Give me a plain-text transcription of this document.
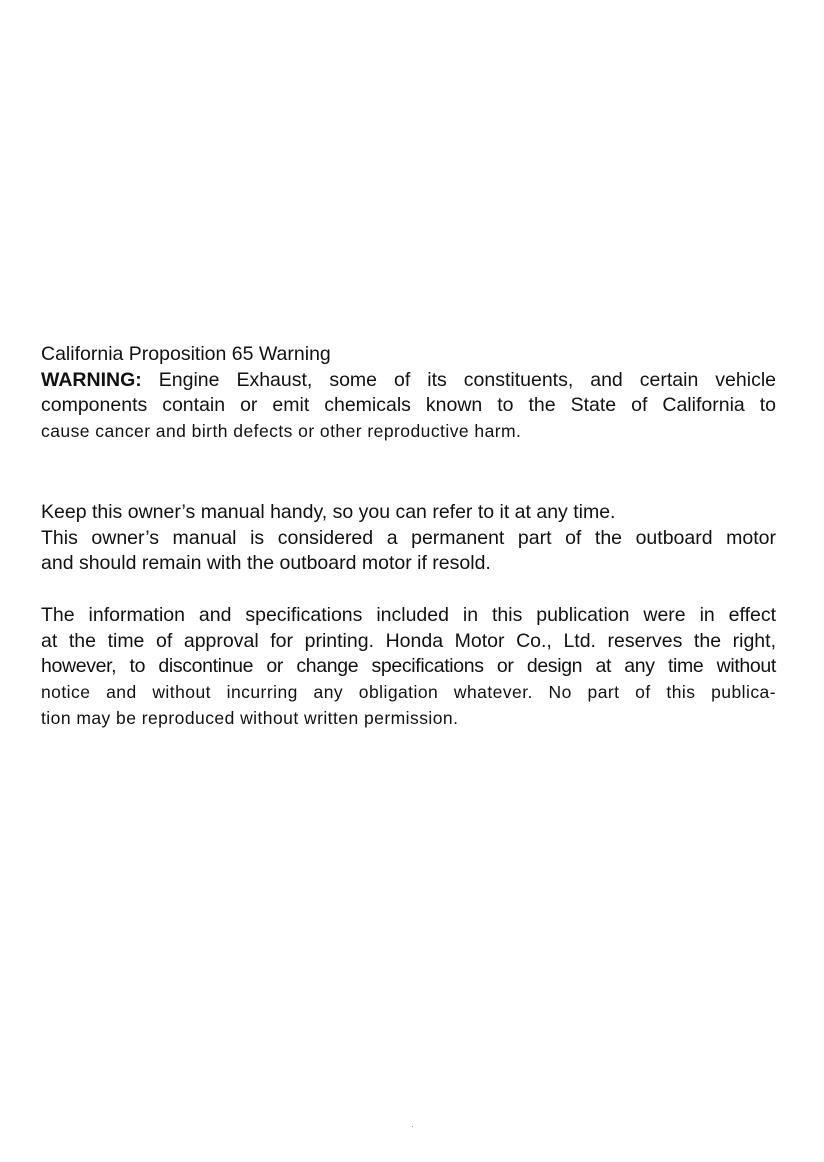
California Proposition 65 Warning
WARNING: Engine Exhaust, some of its constituents, and certain vehicle
components contain or emit chemicals known to the State of California to
cause cancer and birth defects or other reproductive harm.
Keep this owner’s manual handy, so you can refer to it at any time.
This owner’s manual is considered a permanent part of the outboard motor
and should remain with the outboard motor if resold.
The information and specifications included in this publication were in effect
at the time of approval for printing. Honda Motor Co., Ltd. reserves the right,
however, to discontinue or change specifications or design at any time without
notice and without incurring any obligation whatever. No part of this publica-
tion may be reproduced without written permission.
